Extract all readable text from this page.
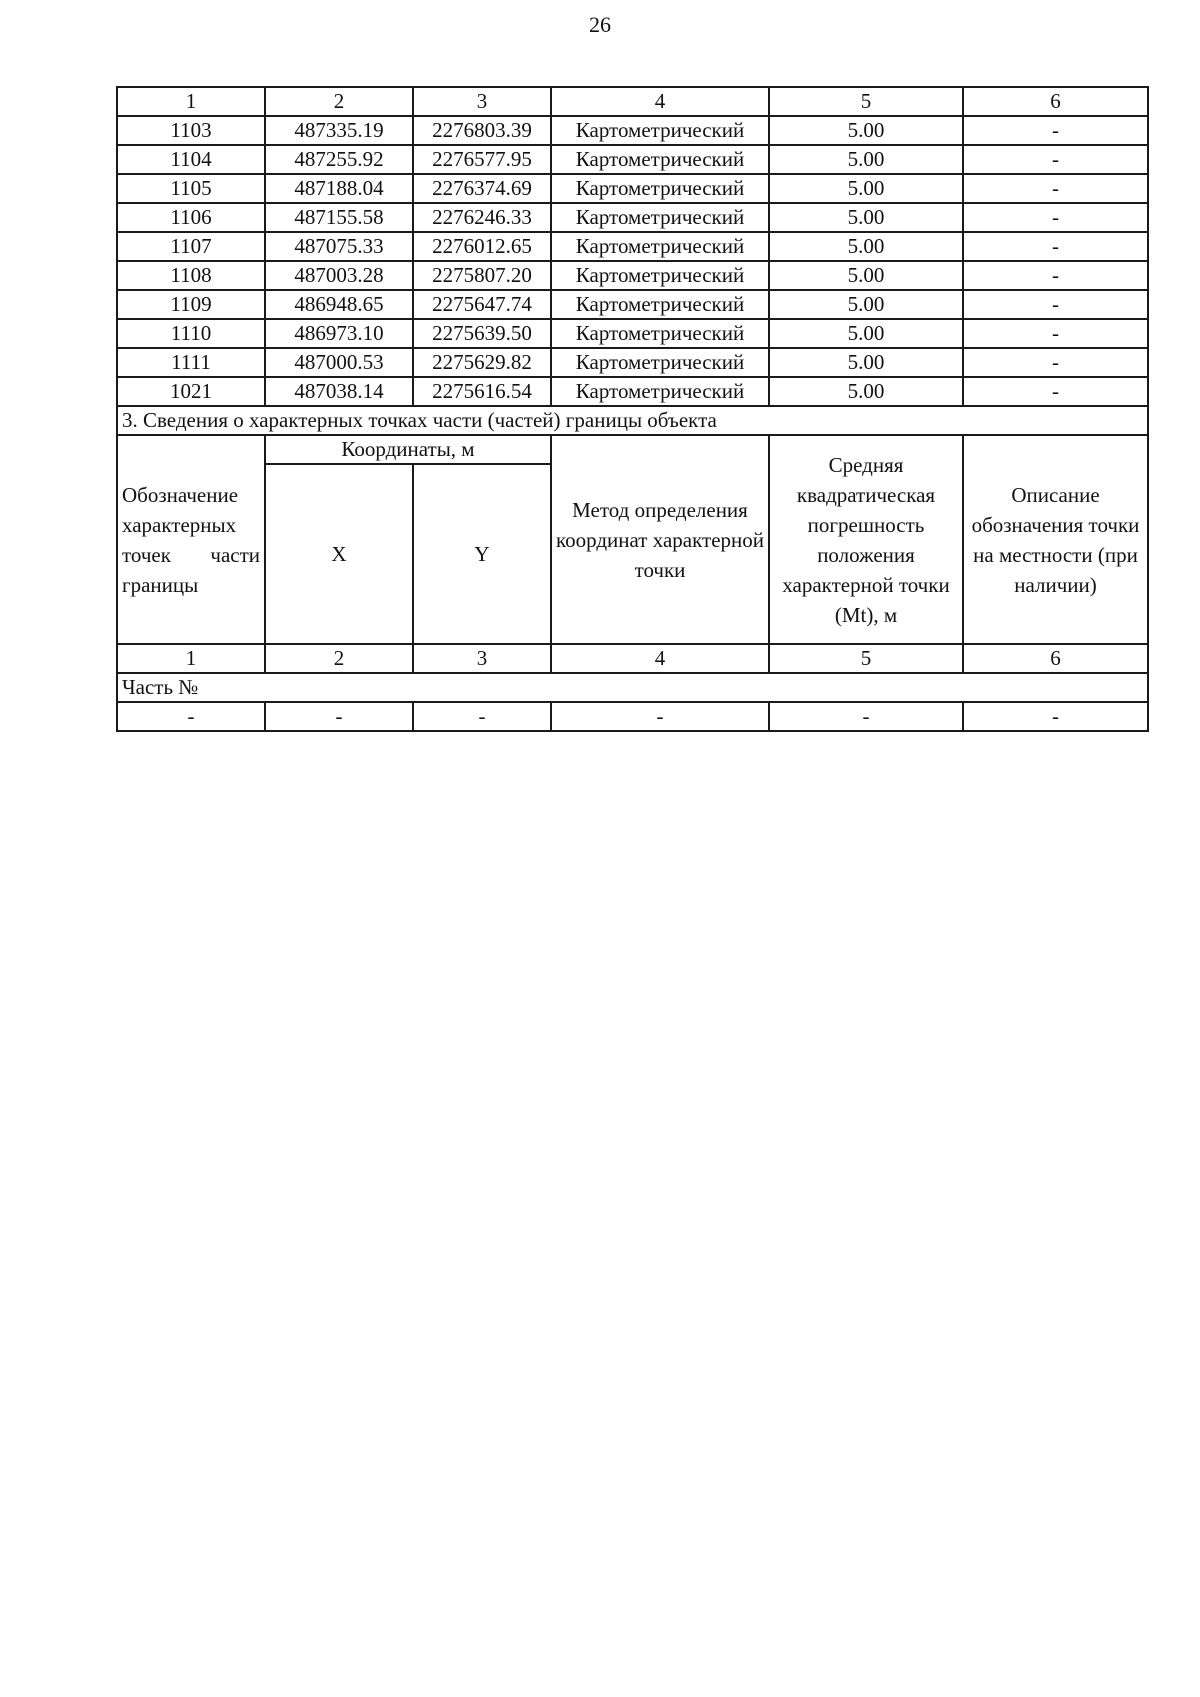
26
1	2	3	4	5	6
1103	487335.19	2276803.39	Картометрический	5.00	-
1104	487255.92	2276577.95	Картометрический	5.00	-
1105	487188.04	2276374.69	Картометрический	5.00	-
1106	487155.58	2276246.33	Картометрический	5.00	-
1107	487075.33	2276012.65	Картометрический	5.00	-
1108	487003.28	2275807.20	Картометрический	5.00	-
1109	486948.65	2275647.74	Картометрический	5.00	-
1110	486973.10	2275639.50	Картометрический	5.00	-
1111	487000.53	2275629.82	Картометрический	5.00	-
1021	487038.14	2275616.54	Картометрический	5.00	-
3. Сведения о характерных точках части (частей) границы объекта					
Обозначение характерных точек части границы	Координаты, м		Метод определения координат характерной точки	Средняя квадратическая погрешность положения характерной точки (Mt), м	Описание обозначения точки на местности (при наличии)
	X	Y			
1	2	3	4	5	6
Часть №					
-	-	-	-	-	-
